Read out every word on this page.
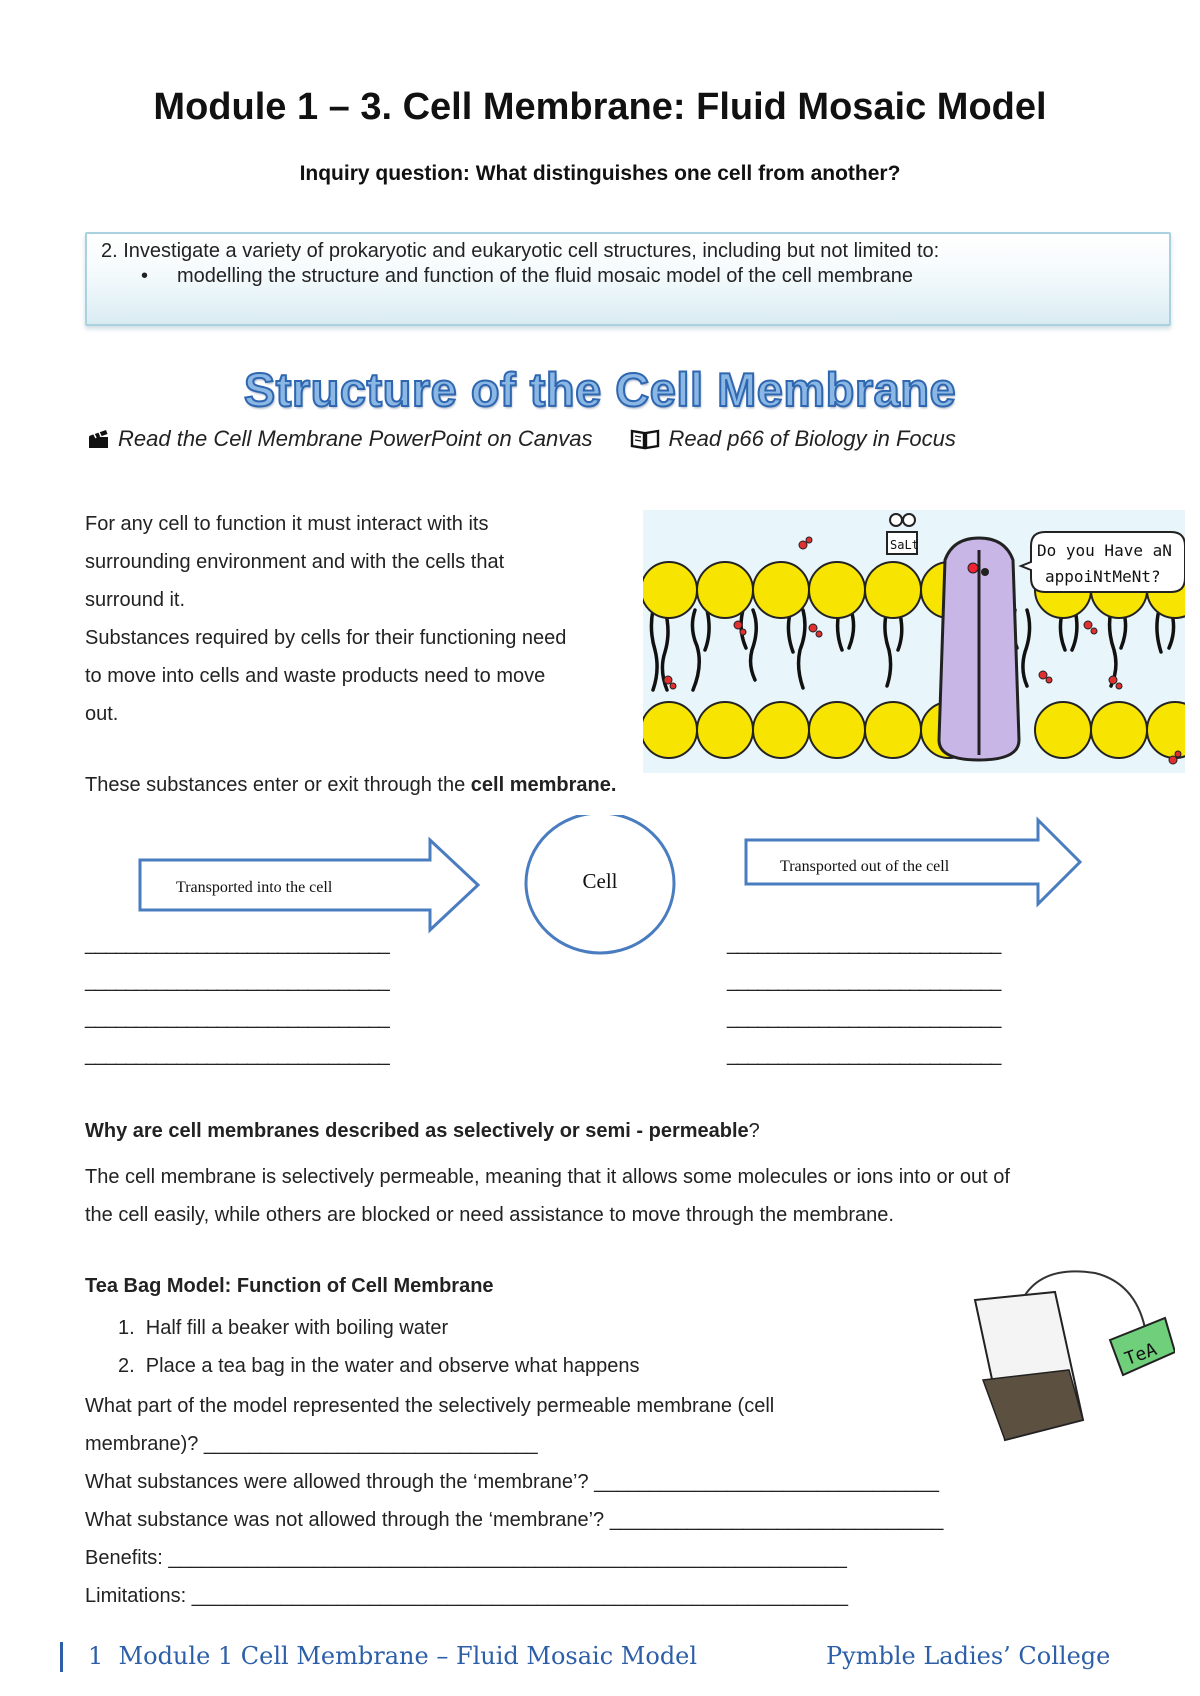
Module 1 – 3. Cell Membrane: Fluid Mosaic Model
Inquiry question: What distinguishes one cell from another?
2. Investigate a variety of prokaryotic and eukaryotic cell structures, including but not limited to:
•	modelling the structure and function of the fluid mosaic model of the cell membrane
Structure of the Cell Membrane
Read the Cell Membrane PowerPoint on Canvas	Read p66 of Biology in Focus
For any cell to function it must interact with its
surrounding environment and with the cells that
surround it.
Substances required by cells for their functioning need
to move into cells and waste products need to move
out.
SaLt	Do you Have aN
appoiNtMeNt?
These substances enter or exit through the cell membrane.
Transported into the cell	Cell
Transported out of the cell
______________________________
______________________________
______________________________
______________________________
___________________________
___________________________
___________________________
___________________________
Why are cell membranes described as selectively or semi - permeable?
The cell membrane is selectively permeable, meaning that it allows some molecules or ions into or out of
the cell easily, while others are blocked or need assistance to move through the membrane.
Tea Bag Model: Function of Cell Membrane
1.  Half fill a beaker with boiling water
2.  Place a tea bag in the water and observe what happens
What part of the model represented the selectively permeable membrane (cell
membrane)? ______________________________
What substances were allowed through the ‘membrane’? _______________________________
What substance was not allowed through the ‘membrane’? ______________________________
Benefits: _____________________________________________________________
Limitations: ___________________________________________________________
TeA
1 Module 1 Cell Membrane – Fluid Mosaic Model	Pymble Ladies’ College
